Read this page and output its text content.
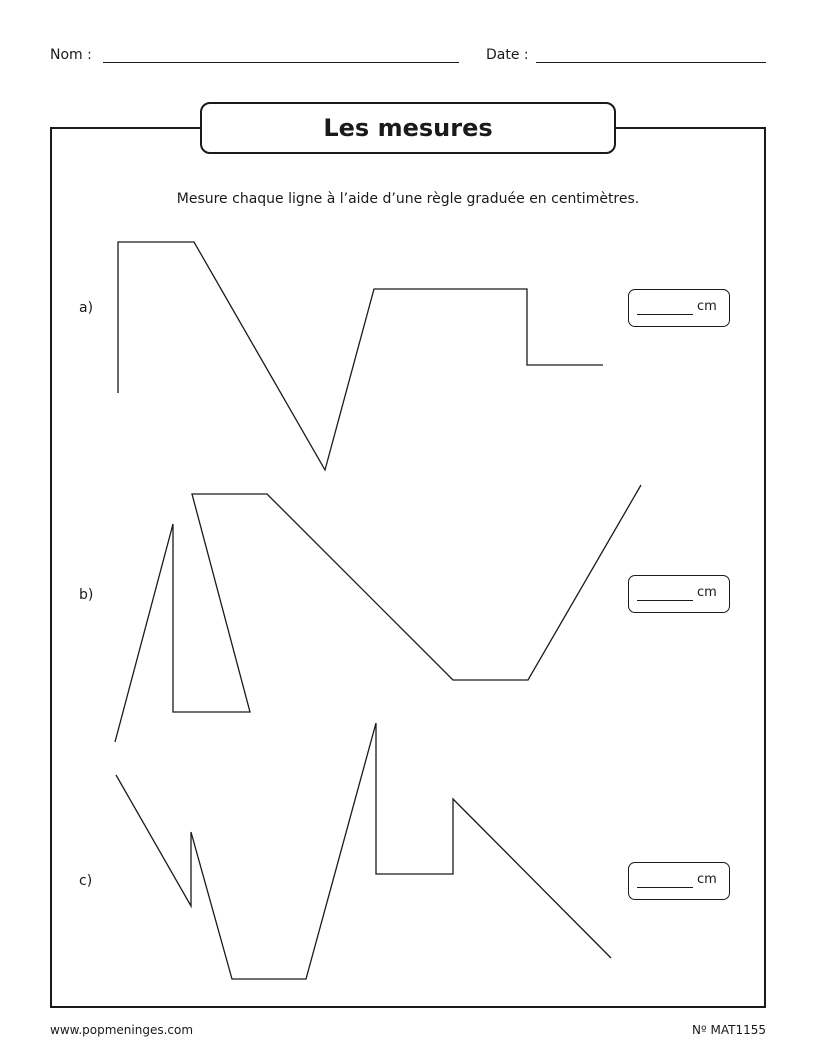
Nom :	Date :
Les mesures
Mesure chaque ligne à l’aide d’une règle graduée en centimètres.
a)	cm
b)	cm
c)	cm
www.popmeninges.com	Nº MAT1155
